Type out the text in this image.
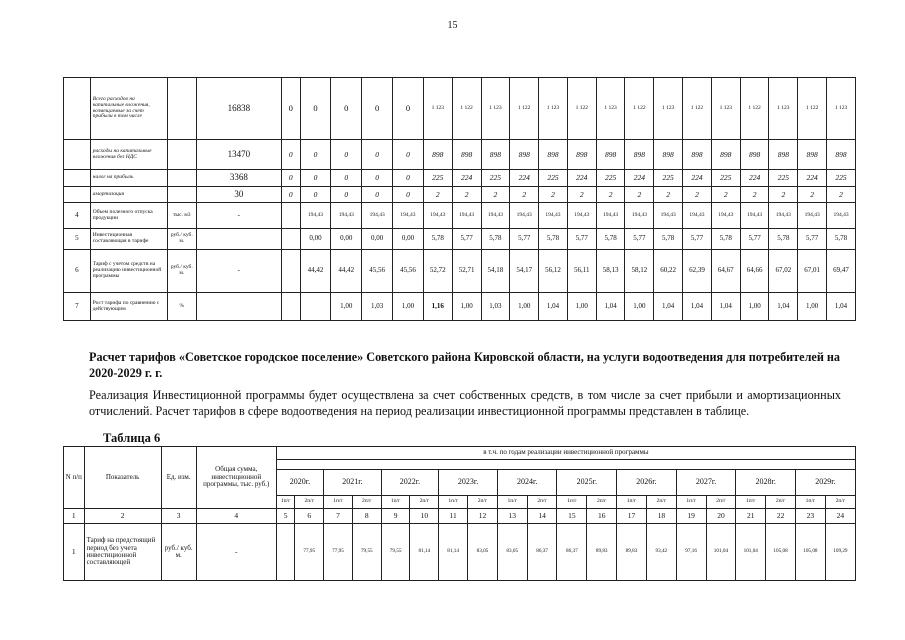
15
	Всего расходов на капитальные вложения, возмещаемые за счет прибыли в том числе		16838	0	0	0	0	0	1 123	1 122	1 123	1 122	1 123	1 122	1 123	1 122	1 123	1 122	1 123	1 122	1 123	1 122	1 123
	расходы на капитальные вложения без НДС		13470	0	0	0	0	0	898	898	898	898	898	898	898	898	898	898	898	898	898	898	898
	налог на прибыль		3368	0	0	0	0	0	225	224	225	224	225	224	225	224	225	224	225	224	225	224	225
	амортизация		30	0	0	0	0	0	2	2	2	2	2	2	2	2	2	2	2	2	2	2	2
4	Объем полезного отпуска продукции	тыс. м3	-		194,43	194,43	194,43	194,43	194,43	194,43	194,43	194,43	194,43	194,43	194,43	194,43	194,43	194,43	194,43	194,43	194,43	194,43	194,43
5	Инвестиционная составляющая в тарифе	руб./ куб. м.			0,00	0,00	0,00	0,00	5,78	5,77	5,78	5,77	5,78	5,77	5,78	5,77	5,78	5,77	5,78	5,77	5,78	5,77	5,78
6	Тариф с учетом средств на реализацию инвестиционной программы	руб./ куб. м.	-		44,42	44,42	45,56	45,56	52,72	52,71	54,18	54,17	56,12	56,11	58,13	58,12	60,22	62,39	64,67	64,66	67,02	67,01	69,47
7	Рост тарифа по сравнению с действующим	%				1,00	1,03	1,00	1,16	1,00	1,03	1,00	1,04	1,00	1,04	1,00	1,04	1,04	1,04	1,00	1,04	1,00	1,04
Расчет тарифов «Советское городское поселение» Советского района Кировской области, на услуги водоотведения для потребителей на 2020-2029 г. г.
Реализация Инвестиционной программы будет осуществлена за счет собственных средств, в том числе за счет прибыли и амортизационных отчислений. Расчет тарифов в сфере водоотведения на период реализации инвестиционной программы представлен в таблице.
Таблица 6
N п/п	Показатель	Ед. изм.	Общая сумма, инвестиционной программы, тыс. руб.)	в т.ч. по годам реализации инвестиционной программы																			

				2020г.		2021г.		2022г.		2023г.		2024г.		2025г.		2026г.		2027г.		2028г.		2029г.	
				1п/г	2п/г	1п/г	2п/г	1п/г	2п/г	1п/г	2п/г	1п/г	2п/г	1п/г	2п/г	1п/г	2п/г	1п/г	2п/г	1п/г	2п/г	1п/г	2п/г
1	2	3	4	5	6	7	8	9	10	11	12	13	14	15	16	17	18	19	20	21	22	23	24
1	Тариф на предстоящий период без учета инвестиционной составляющей	руб./ куб. м.	-		77,95	77,95	79,55	79,55	81,14	81,14	83,05	83,05	86,37	86,37	89,83	89,83	93,42	97,16	101,04	101,04	105,08	105,08	109,29
